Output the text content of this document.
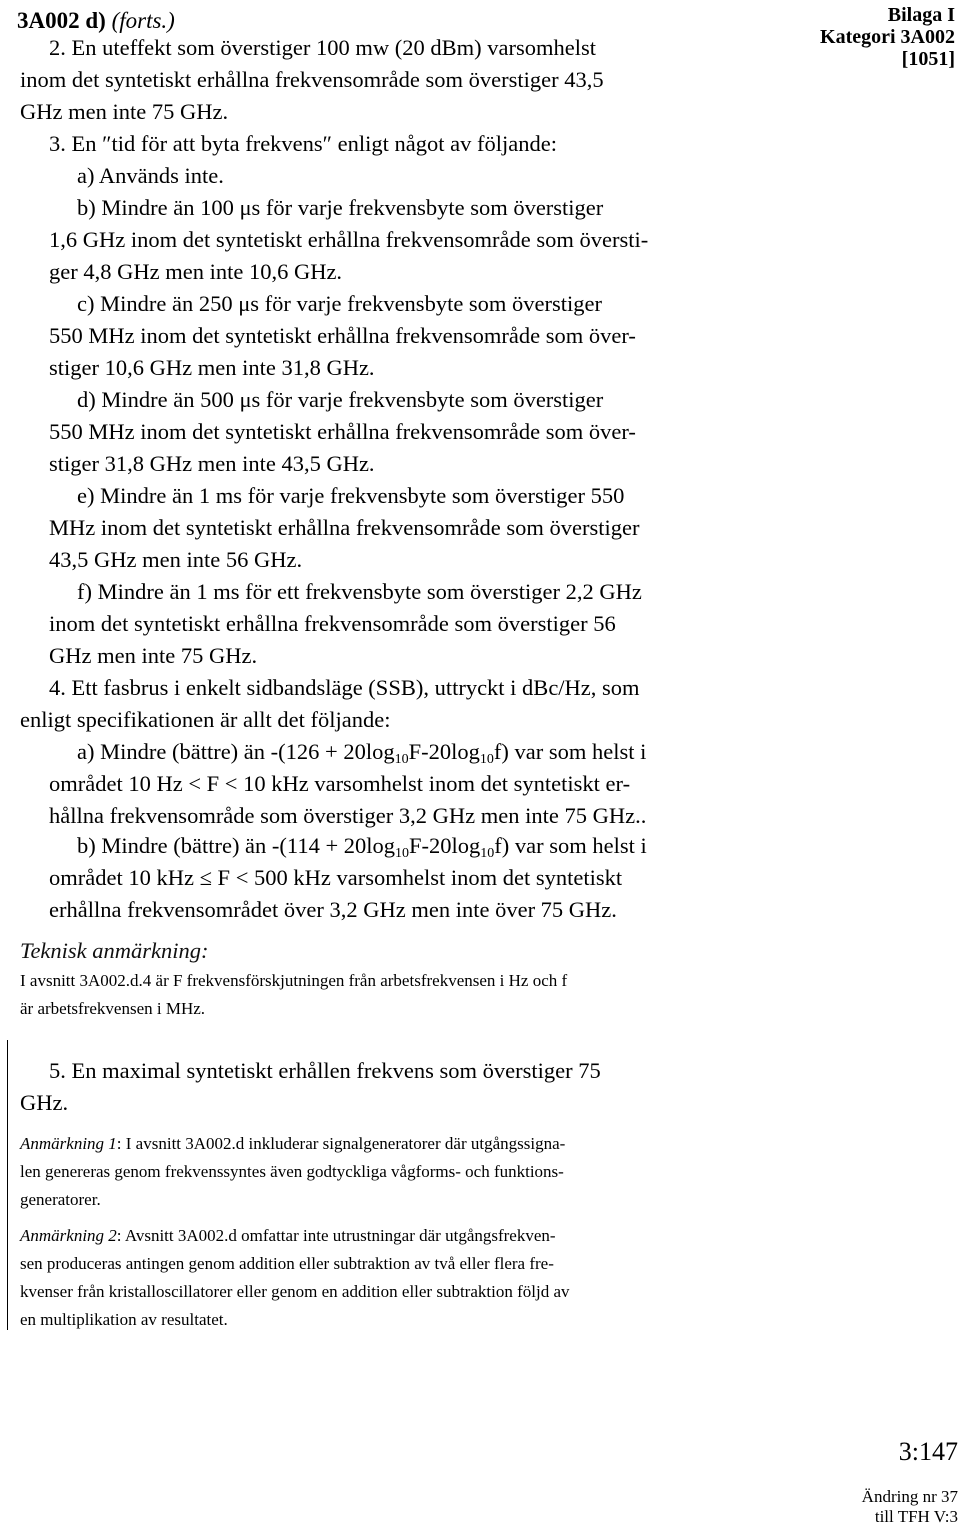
3A002 d) (forts.)	Bilaga I
Kategori 3A002
[1051]
2. En uteffekt som överstiger 100 mw (20 dBm) varsomhelst
inom det syntetiskt erhållna frekvensområde som överstiger 43,5
GHz men inte 75 GHz.
3. En ″tid för att byta frekvens″ enligt något av följande:
a) Används inte.
b) Mindre än 100 μs för varje frekvensbyte som överstiger
1,6 GHz inom det syntetiskt erhållna frekvensområde som översti-
ger 4,8 GHz men inte 10,6 GHz.
c) Mindre än 250 μs för varje frekvensbyte som överstiger
550 MHz inom det syntetiskt erhållna frekvensområde som över-
stiger 10,6 GHz men inte 31,8 GHz.
d) Mindre än 500 μs för varje frekvensbyte som överstiger
550 MHz inom det syntetiskt erhållna frekvensområde som över-
stiger 31,8 GHz men inte 43,5 GHz.
e) Mindre än 1 ms för varje frekvensbyte som överstiger 550
MHz inom det syntetiskt erhållna frekvensområde som överstiger
43,5 GHz men inte 56 GHz.
f) Mindre än 1 ms för ett frekvensbyte som överstiger 2,2 GHz
inom det syntetiskt erhållna frekvensområde som överstiger 56
GHz men inte 75 GHz.
4. Ett fasbrus i enkelt sidbandsläge (SSB), uttryckt i dBc/Hz, som
enligt specifikationen är allt det följande:
a) Mindre (bättre) än $-(126 + 20\log_{10}F-20\log_{10}f)$ var som helst i
området 10 Hz < F < 10 kHz varsomhelst inom det syntetiskt er-
hållna frekvensområde som överstiger 3,2 GHz men inte 75 GHz..
b) Mindre (bättre) än $-(114 + 20\log_{10}F-20\log_{10}f)$ var som helst i
området 10 kHz ≤ F < 500 kHz varsomhelst inom det syntetiskt
erhållna frekvensområdet över 3,2 GHz men inte över 75 GHz.
Teknisk anmärkning:
I avsnitt 3A002.d.4 är F frekvensförskjutningen från arbetsfrekvensen i Hz och f
är arbetsfrekvensen i MHz.
5. En maximal syntetiskt erhållen frekvens som överstiger 75
GHz.
Anmärkning 1: I avsnitt 3A002.d inkluderar signalgeneratorer där utgångssigna-
len genereras genom frekvenssyntes även godtyckliga vågforms- och funktions-
generatorer.
Anmärkning 2: Avsnitt 3A002.d omfattar inte utrustningar där utgångsfrekven-
sen produceras antingen genom addition eller subtraktion av två eller flera fre-
kvenser från kristalloscillatorer eller genom en addition eller subtraktion följd av
en multiplikation av resultatet.
3:147
Ändring nr 37
till TFH V:3
